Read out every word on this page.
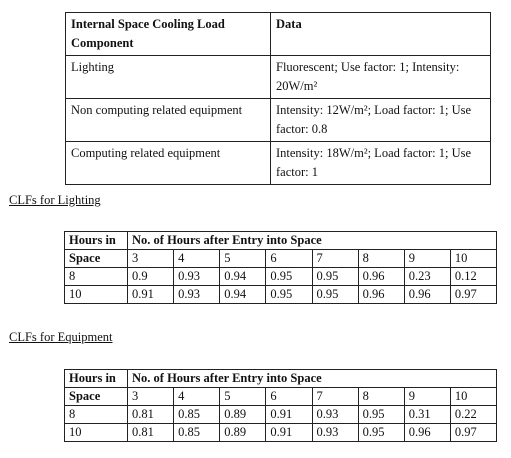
Internal Space Cooling Load Component	Data
Lighting	Fluorescent; Use factor: 1; Intensity: 20W/m²
Non computing related equipment	Intensity: 12W/m²; Load factor: 1; Use factor: 0.8
Computing related equipment	Intensity: 18W/m²; Load factor: 1; Use factor: 1
CLFs for Lighting
Hours in	No. of Hours after Entry into Space							
Space	3	4	5	6	7	8	9	10
8	0.9	0.93	0.94	0.95	0.95	0.96	0.23	0.12
10	0.91	0.93	0.94	0.95	0.95	0.96	0.96	0.97
CLFs for Equipment
Hours in	No. of Hours after Entry into Space							
Space	3	4	5	6	7	8	9	10
8	0.81	0.85	0.89	0.91	0.93	0.95	0.31	0.22
10	0.81	0.85	0.89	0.91	0.93	0.95	0.96	0.97
